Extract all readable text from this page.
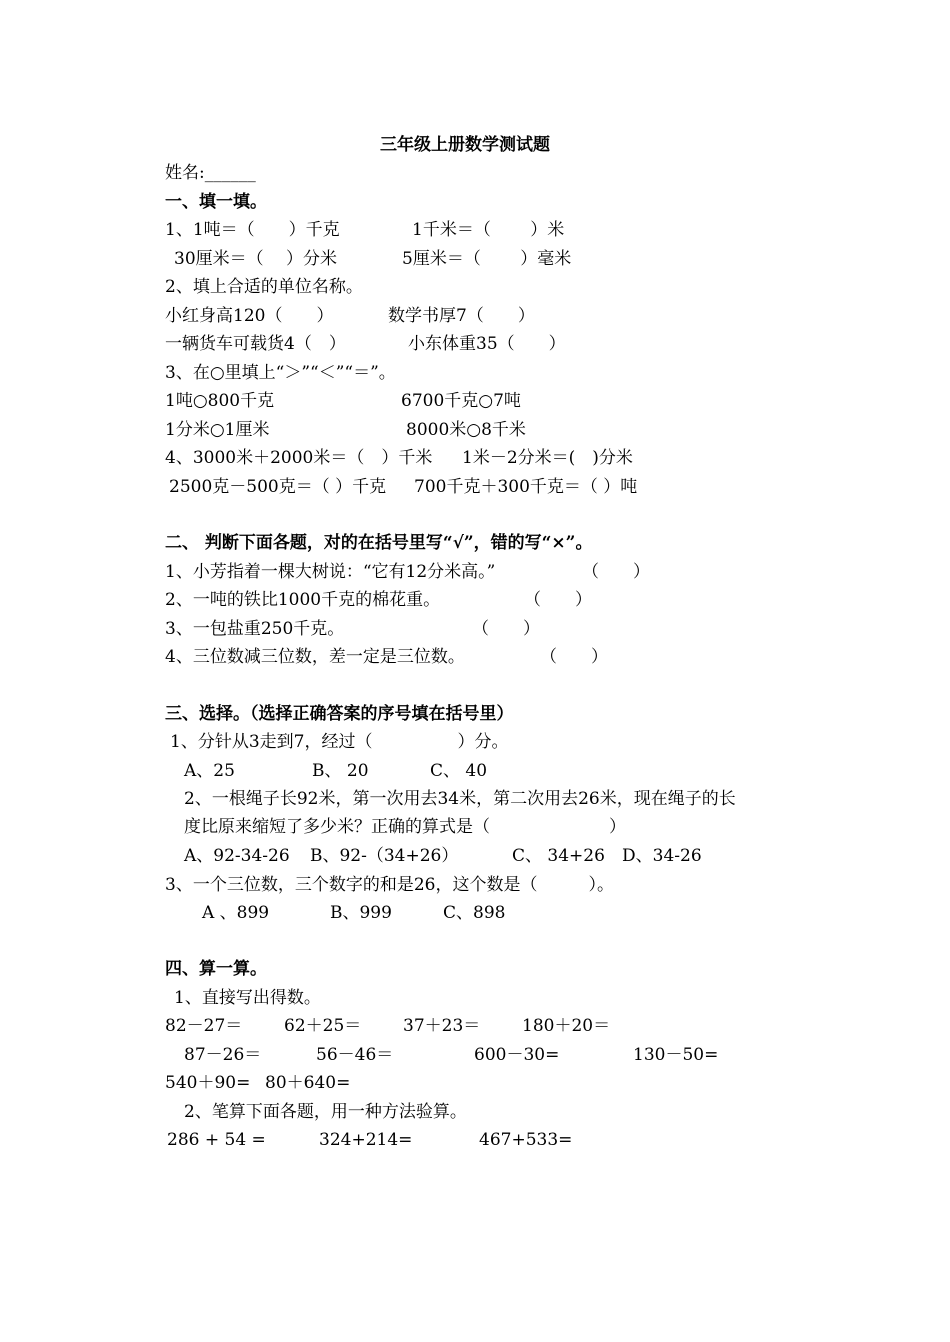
三年级上册数学测试题
姓名:______
一、填一填。
1、1吨＝（　　）千克	1千米＝（　　 ）米
30厘米＝（　 ）分米	5厘米＝（　　 ）毫米
2、填上合适的单位名称。
小红身高120（　　）	数学书厚7（　　）
一辆货车可载货4（　）	小东体重35（　　）
3、在○里填上“＞”“＜”“＝”。
1吨○800千克	6700千克○7吨
1分米○1厘米	8000米○8千米
4、3000米＋2000米＝（　）千米 1米－2分米＝(　)分米
2500克－500克＝（ ）千克 700千克＋300千克＝（ ）吨
二、 判断下面各题，对的在括号里写“√”，错的写“×”。
1、小芳指着一棵大树说：“它有12分米高。”	（　　）
2、一吨的铁比1000千克的棉花重。	（　　）
3、一包盐重250千克。	（　　）
4、三位数减三位数，差一定是三位数。	（　　）
三、选择。（选择正确答案的序号填在括号里）
1、分针从3走到7，经过（　　　　　）分。
A、25	B、 20	C、 40
2、一根绳子长92米，第一次用去34米，第二次用去26米，现在绳子的长
度比原来缩短了多少米？正确的算式是（　　　　　　　）
A、92-34-26 B、92-（34+26）	C、 34+26 D、34-26
3、一个三位数，三个数字的和是26，这个数是（　　　）。
A 、899	B、999	C、898
四、算一算。
1、直接写出得数。
82－27＝ 62＋25＝ 37＋23＝ 180＋20＝
87－26＝	56－46＝	600－30=	130－50=
540＋90= 80＋640=
2、笔算下面各题，用一种方法验算。
286 + 54 =	324+214=	467+533=
